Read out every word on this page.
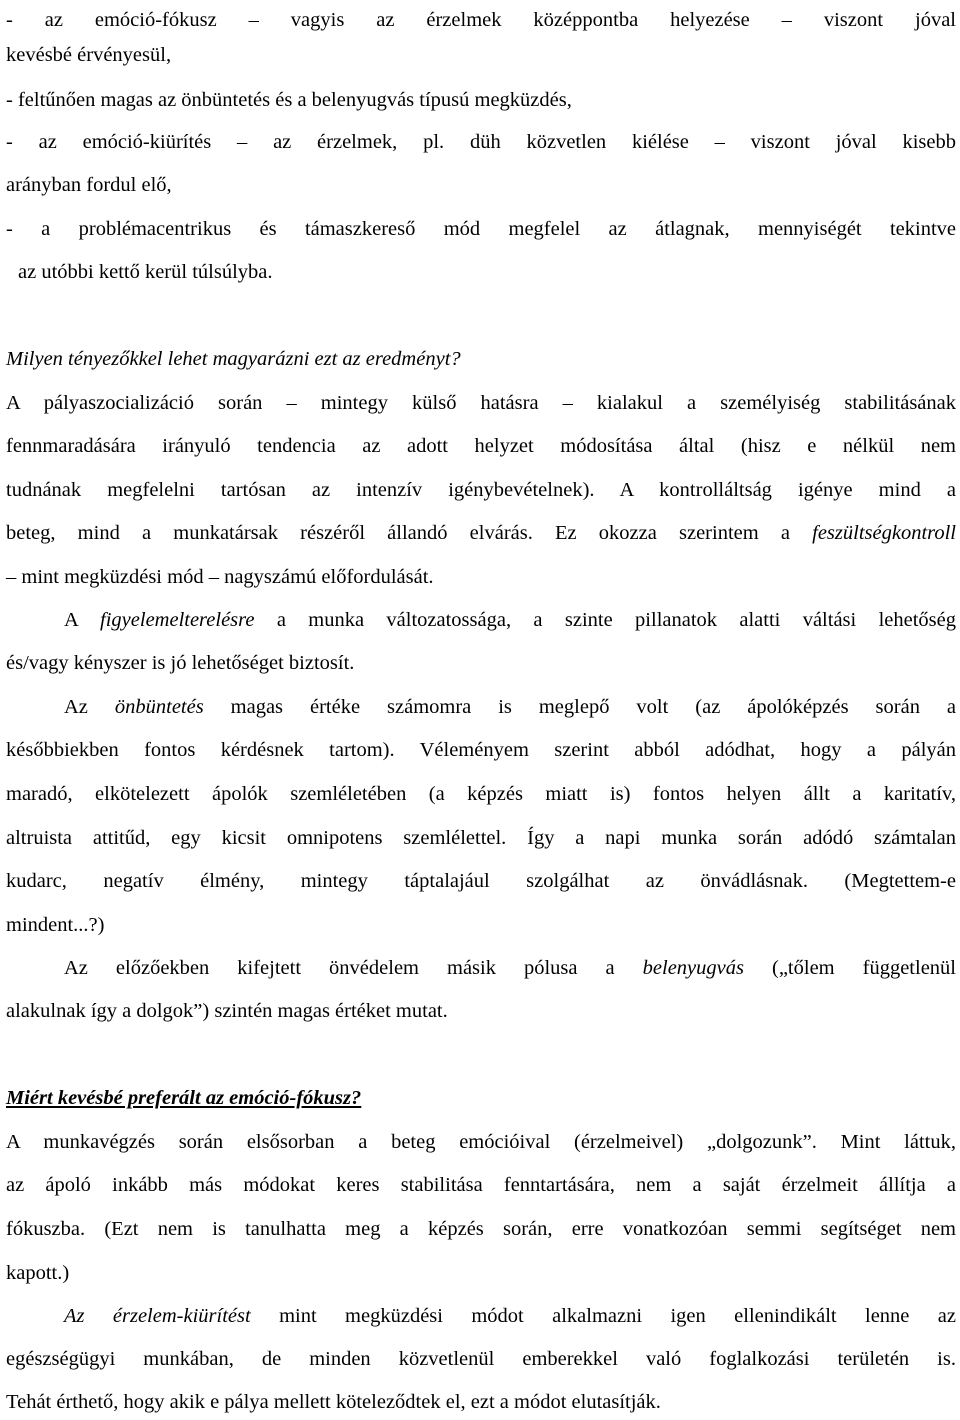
- az emóció-fókusz – vagyis az érzelmek középpontba helyezése – viszont jóval
kevésbé érvényesül,
- feltűnően magas az önbüntetés és a belenyugvás típusú megküzdés,
- az emóció-kiürítés – az érzelmek, pl. düh közvetlen kiélése – viszont jóval kisebb
arányban fordul elő,
- a problémacentrikus és támaszkereső mód megfelel az átlagnak, mennyiségét tekintve
az utóbbi kettő kerül túlsúlyba.
Milyen tényezőkkel lehet magyarázni ezt az eredményt?
A pályaszocializáció során – mintegy külső hatásra – kialakul a személyiség stabilitásának
fennmaradására irányuló tendencia az adott helyzet módosítása által (hisz e nélkül nem
tudnának megfelelni tartósan az intenzív igénybevételnek). A kontrolláltság igénye mind a
beteg, mind a munkatársak részéről állandó elvárás. Ez okozza szerintem a feszültségkontroll
– mint megküzdési mód – nagyszámú előfordulását.
A figyelemelterelésre a munka változatossága, a szinte pillanatok alatti váltási lehetőség
és/vagy kényszer is jó lehetőséget biztosít.
Az önbüntetés magas értéke számomra is meglepő volt (az ápolóképzés során a
későbbiekben fontos kérdésnek tartom). Véleményem szerint abból adódhat, hogy a pályán
maradó, elkötelezett ápolók szemléletében (a képzés miatt is) fontos helyen állt a karitatív,
altruista attitűd, egy kicsit omnipotens szemlélettel. Így a napi munka során adódó számtalan
kudarc, negatív élmény, mintegy táptalajául szolgálhat az önvádlásnak. (Megtettem-e
mindent...?)
Az előzőekben kifejtett önvédelem másik pólusa a belenyugvás („tőlem függetlenül
alakulnak így a dolgok”) szintén magas értéket mutat.
Miért kevésbé preferált az emóció-fókusz?
A munkavégzés során elsősorban a beteg emócióival (érzelmeivel) „dolgozunk”. Mint láttuk,
az ápoló inkább más módokat keres stabilitása fenntartására, nem a saját érzelmeit állítja a
fókuszba. (Ezt nem is tanulhatta meg a képzés során, erre vonatkozóan semmi segítséget nem
kapott.)
Az érzelem-kiürítést mint megküzdési módot alkalmazni igen ellenindikált lenne az
egészségügyi munkában, de minden közvetlenül emberekkel való foglalkozási területén is.
Tehát érthető, hogy akik e pálya mellett köteleződtek el, ezt a módot elutasítják.
